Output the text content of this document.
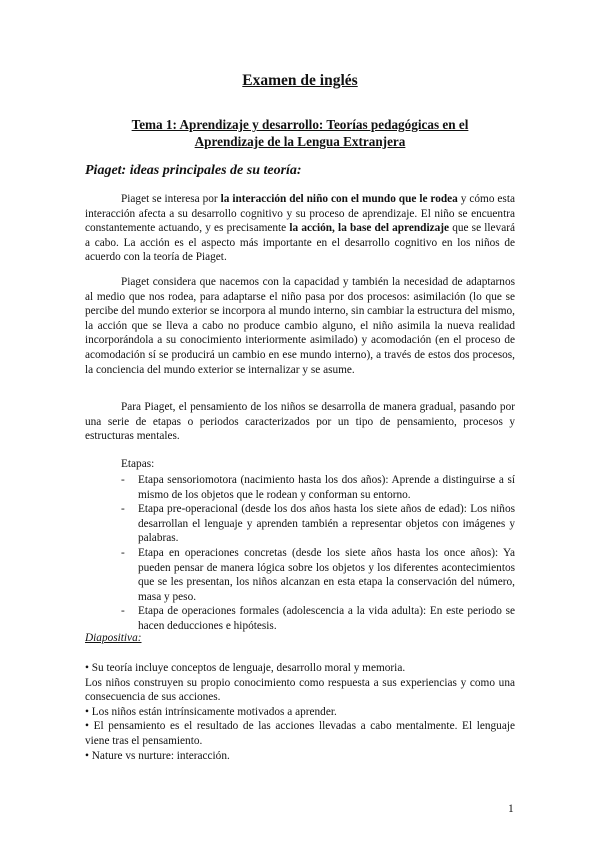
Examen de inglés
Tema 1: Aprendizaje y desarrollo: Teorías pedagógicas en el
Aprendizaje de la Lengua Extranjera
Piaget: ideas principales de su teoría:

Piaget se interesa por la interacción del niño con el mundo que le rodea y cómo esta interacción afecta a su desarrollo cognitivo y su proceso de aprendizaje. El niño se encuentra constantemente actuando, y es precisamente la acción, la base del aprendizaje que se llevará a cabo. La acción es el aspecto más importante en el desarrollo cognitivo en los niños de acuerdo con la teoría de Piaget.

Piaget considera que nacemos con la capacidad y también la necesidad de adaptarnos al medio que nos rodea, para adaptarse el niño pasa por dos procesos: asimilación (lo que se percibe del mundo exterior se incorpora al mundo interno, sin cambiar la estructura del mismo, la acción que se lleva a cabo no produce cambio alguno, el niño asimila la nueva realidad incorporándola a su conocimiento interiormente asimilado) y acomodación (en el proceso de acomodación sí se producirá un cambio en ese mundo interno), a través de estos dos procesos, la conciencia del mundo exterior se internalizar y se asume.

Para Piaget, el pensamiento de los niños se desarrolla de manera gradual, pasando por una serie de etapas o periodos caracterizados por un tipo de pensamiento, procesos y estructuras mentales.

Etapas:
- Etapa sensoriomotora (nacimiento hasta los dos años): Aprende a distinguirse a sí mismo de los objetos que le rodean y conforman su entorno.
- Etapa pre-operacional (desde los dos años hasta los siete años de edad): Los niños desarrollan el lenguaje y aprenden también a representar objetos con imágenes y palabras.
- Etapa en operaciones concretas (desde los siete años hasta los once años): Ya pueden pensar de manera lógica sobre los objetos y los diferentes acontecimientos que se les presentan, los niños alcanzan en esta etapa la conservación del número, masa y peso.
- Etapa de operaciones formales (adolescencia a la vida adulta): En este periodo se hacen deducciones e hipótesis.
Diapositiva:

• Su teoría incluye conceptos de lenguaje, desarrollo moral y memoria.

Los niños construyen su propio conocimiento como respuesta a sus experiencias y como una consecuencia de sus acciones.

• Los niños están intrínsicamente motivados a aprender.

• El pensamiento es el resultado de las acciones llevadas a cabo mentalmente. El lenguaje viene tras el pensamiento.

• Nature vs nurture: interacción.

1
